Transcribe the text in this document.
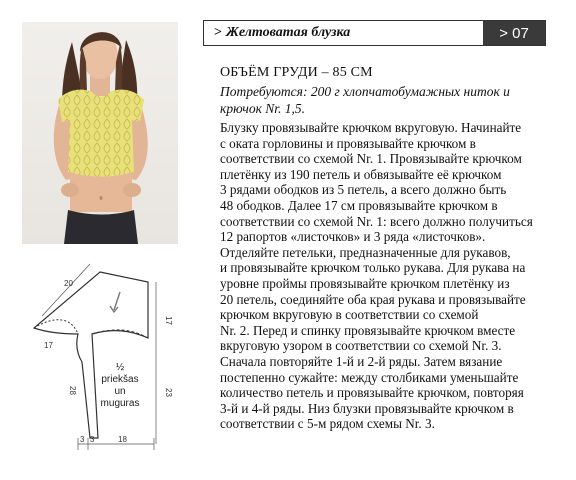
> Желтоватая блузка	> 07
ОБЪЁМ ГРУДИ – 85 СМ
Потребуются: 200 г хлопчатобумажных ниток и
крючок Nr. 1,5.
Блузку провязывайте крючком вкруговую. Начинайте
с оката горловины и провязывайте крючком в
соответствии со схемой Nr. 1. Провязывайте крючком
плетёнку из 190 петель и обвязывайте её крючком
3 рядами ободков из 5 петель, а всего должно быть
48 ободков. Далее 17 см провязывайте крючком в
соответствии со схемой Nr. 1: всего должно получиться
12 рапортов «листочков» и 3 ряда «листочков».
Отделяйте петельки, предназначенные для рукавов,
и провязывайте крючком только рукава. Для рукава на
уровне проймы провязывайте крючком плетёнку из
20 петель, соединяйте оба края рукава и провязывайте
крючком вкруговую в соответствии со схемой
Nr. 2. Перед и спинку провязывайте крючком вместе
вкруговую узором в соответствии со схемой Nr. 3.
Сначала повторяйте 1-й и 2-й ряды. Затем вязание
постепенно сужайте: между столбиками уменьшайте
количество петель и провязывайте крючком, повторяя
3-й и 4-й ряды. Низ блузки провязывайте крючком в
соответствии с 5-м рядом схемы Nr. 3.
20
17
17
23
28
18
3 3
½
priekšas
un
muguras
